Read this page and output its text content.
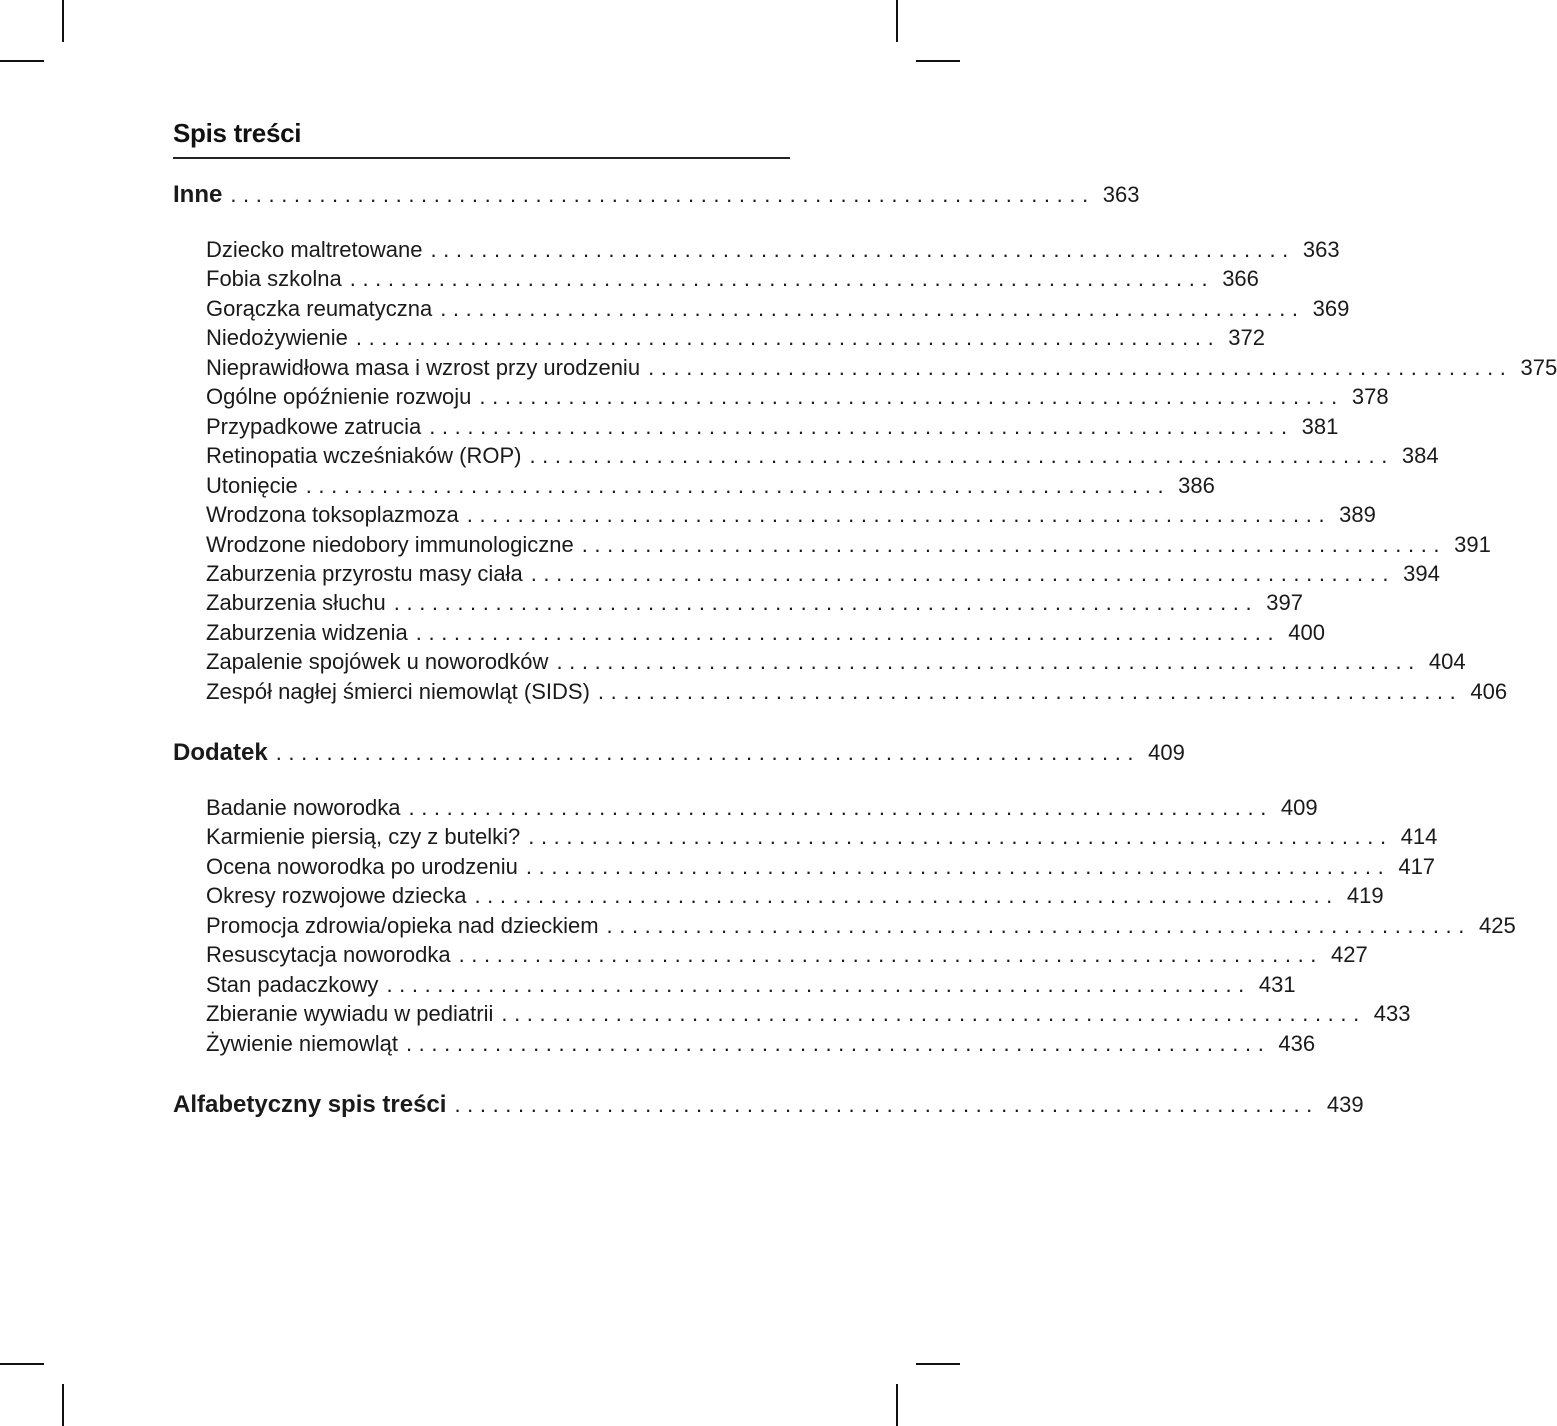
Spis treści
Inne .................................................................... 363
Dziecko maltretowane .................................................................... 363
Fobia szkolna .................................................................... 366
Gorączka reumatyczna .................................................................... 369
Niedożywienie .................................................................... 372
Nieprawidłowa masa i wzrost przy urodzeniu .................................................................... 375
Ogólne opóźnienie rozwoju .................................................................... 378
Przypadkowe zatrucia .................................................................... 381
Retinopatia wcześniaków (ROP) .................................................................... 384
Utonięcie .................................................................... 386
Wrodzona toksoplazmoza .................................................................... 389
Wrodzone niedobory immunologiczne .................................................................... 391
Zaburzenia przyrostu masy ciała .................................................................... 394
Zaburzenia słuchu .................................................................... 397
Zaburzenia widzenia .................................................................... 400
Zapalenie spojówek u noworodków .................................................................... 404
Zespół nagłej śmierci niemowląt (SIDS) .................................................................... 406
Dodatek .................................................................... 409
Badanie noworodka .................................................................... 409
Karmienie piersią, czy z butelki? .................................................................... 414
Ocena noworodka po urodzeniu .................................................................... 417
Okresy rozwojowe dziecka .................................................................... 419
Promocja zdrowia/opieka nad dzieckiem .................................................................... 425
Resuscytacja noworodka .................................................................... 427
Stan padaczkowy .................................................................... 431
Zbieranie wywiadu w pediatrii .................................................................... 433
Żywienie niemowląt .................................................................... 436
Alfabetyczny spis treści .................................................................... 439
